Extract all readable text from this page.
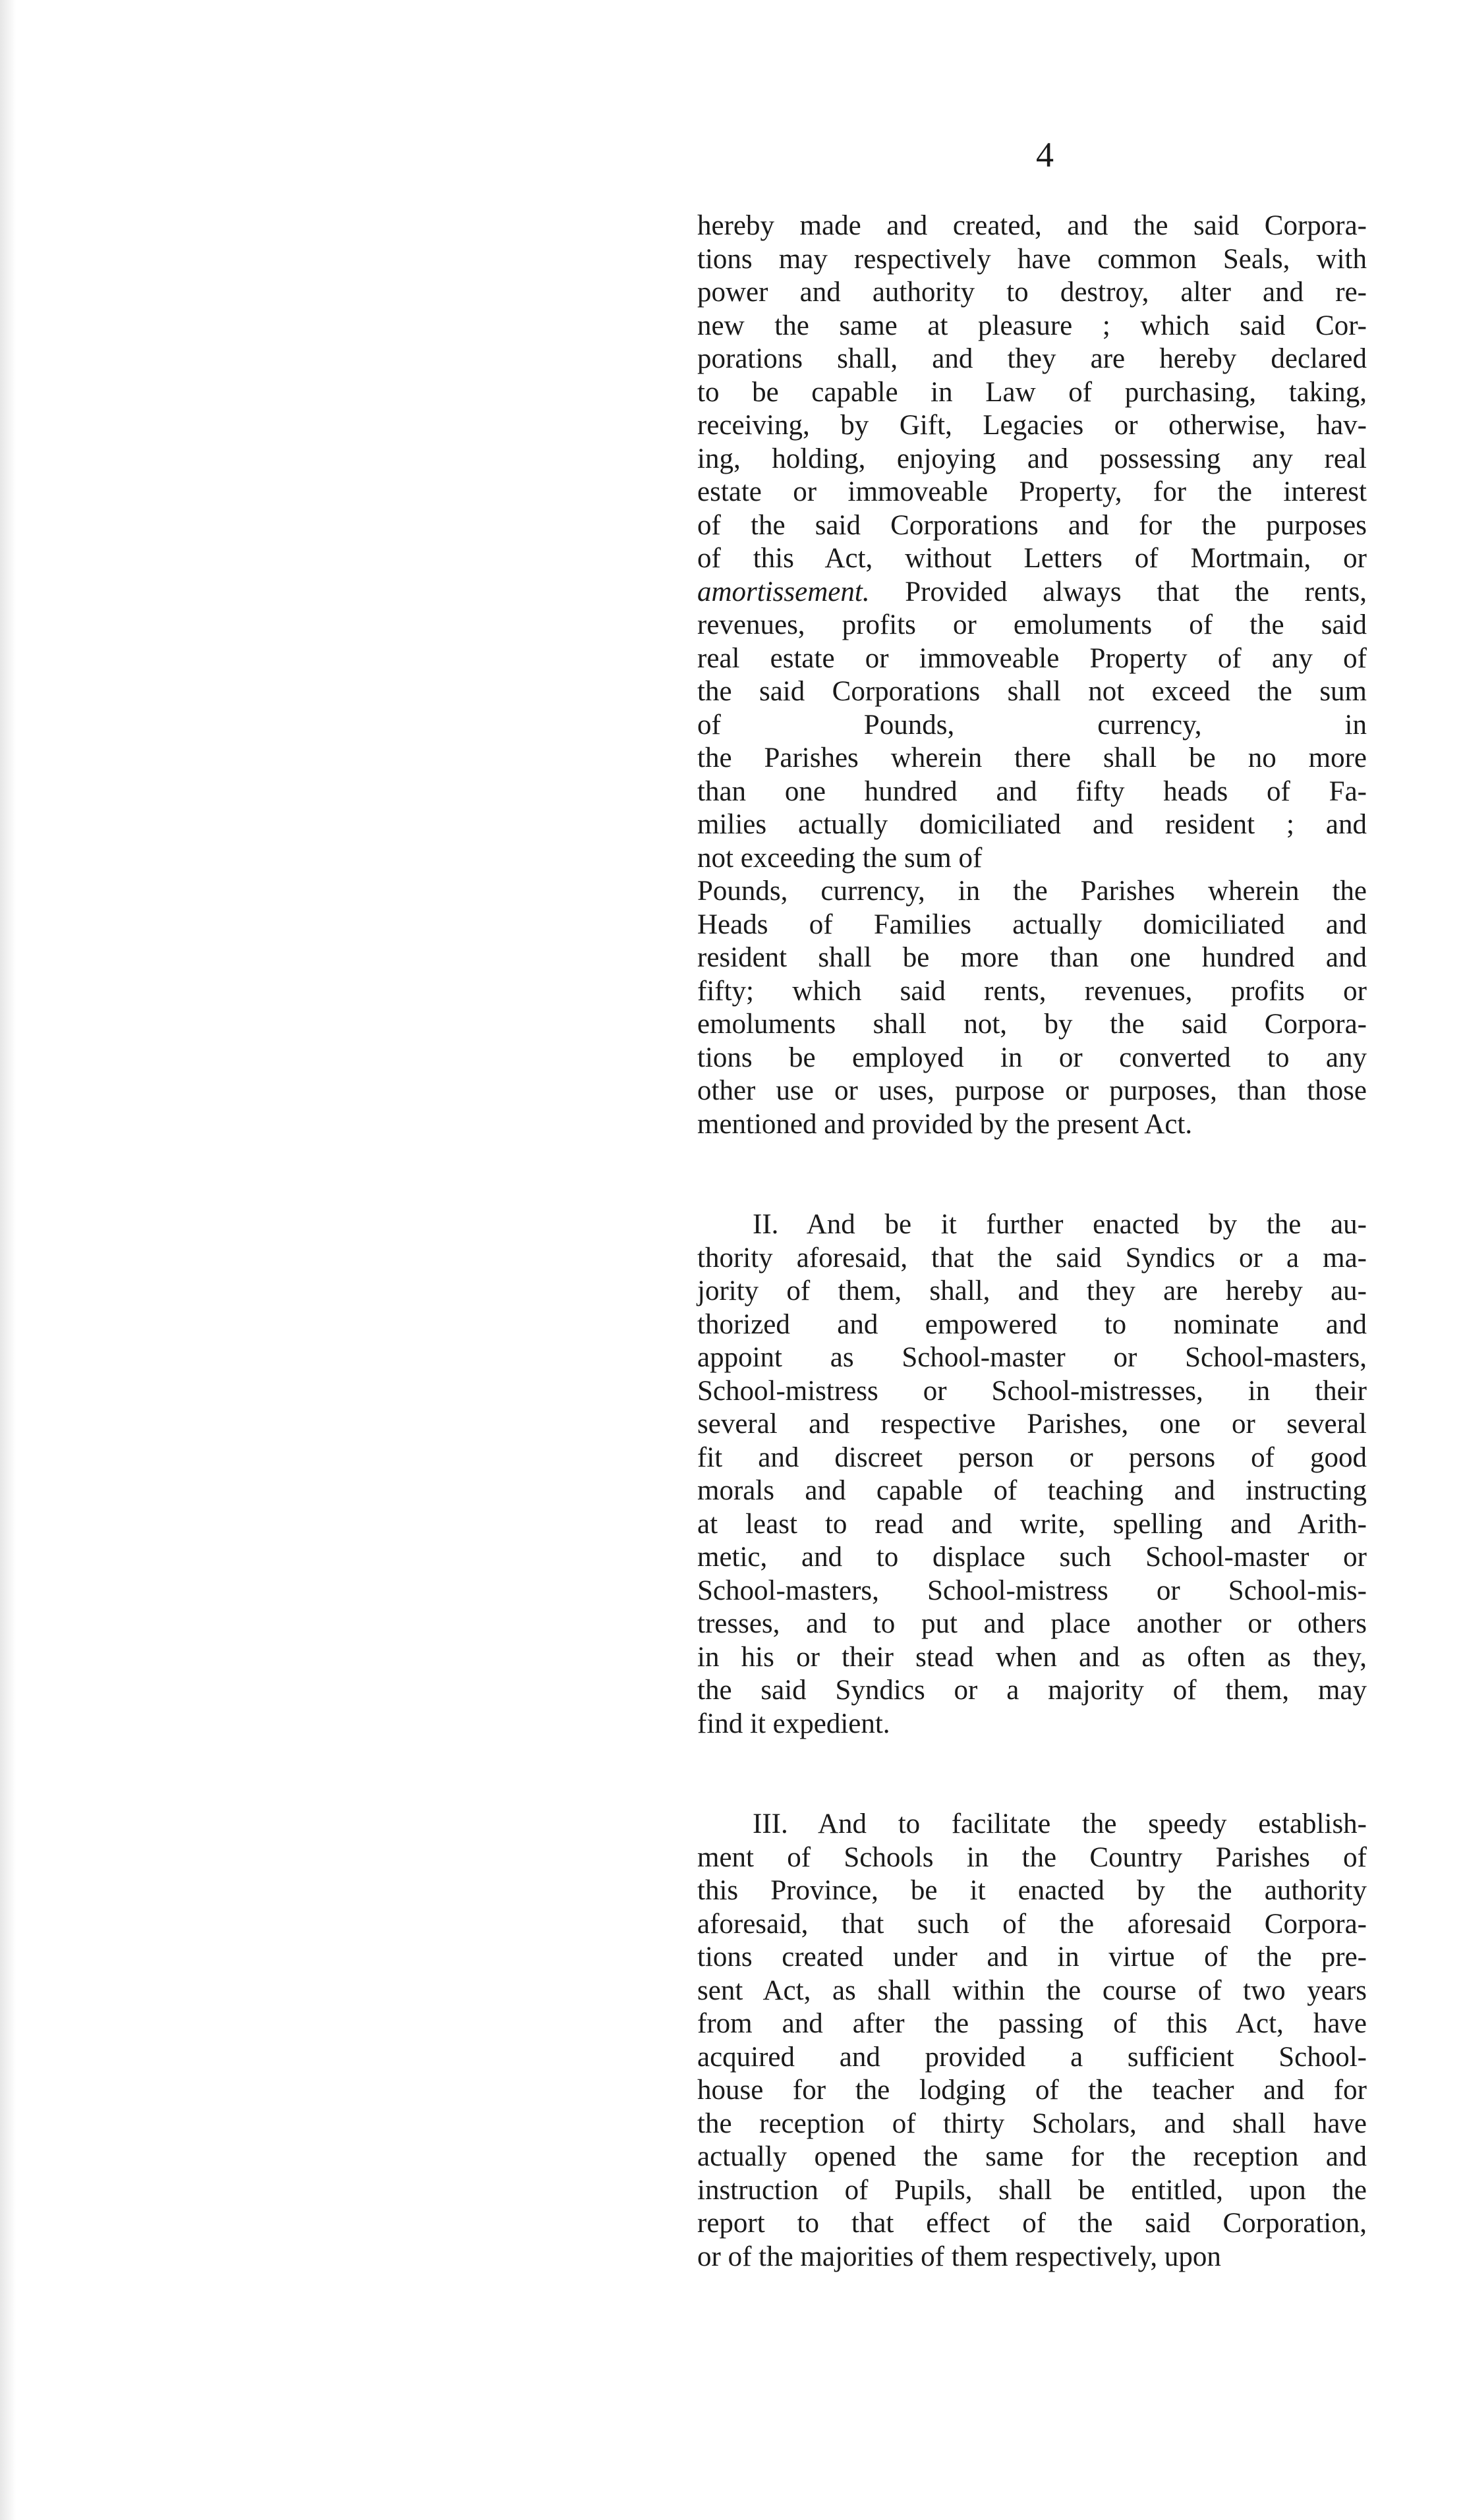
4
hereby made and created, and the said Corpora-
tions may respectively have common Seals, with
power and authority to destroy, alter and re-
new the same at pleasure ; which said Cor-
porations shall, and they are hereby declared
to be capable in Law of purchasing, taking,
receiving, by Gift, Legacies or otherwise, hav-
ing, holding, enjoying and possessing any real
estate or immoveable Property, for the interest
of the said Corporations and for the purposes
of this Act, without Letters of Mortmain, or
amortissement. Provided always that the rents,
revenues, profits or emoluments of the said
real estate or immoveable Property of any of
the said Corporations shall not exceed the sum
of Pounds, currency, in
the Parishes wherein there shall be no more
than one hundred and fifty heads of Fa-
milies actually domiciliated and resident ; and
not exceeding the sum of
Pounds, currency, in the Parishes wherein the
Heads of Families actually domiciliated and
resident shall be more than one hundred and
fifty; which said rents, revenues, profits or
emoluments shall not, by the said Corpora-
tions be employed in or converted to any
other use or uses, purpose or purposes, than those
mentioned and provided by the present Act.
II. And be it further enacted by the au-
thority aforesaid, that the said Syndics or a ma-
jority of them, shall, and they are hereby au-
thorized and empowered to nominate and
appoint as School-master or School-masters,
School-mistress or School-mistresses, in their
several and respective Parishes, one or several
fit and discreet person or persons of good
morals and capable of teaching and instructing
at least to read and write, spelling and Arith-
metic, and to displace such School-master or
School-masters, School-mistress or School-mis-
tresses, and to put and place another or others
in his or their stead when and as often as they,
the said Syndics or a majority of them, may
find it expedient.
III. And to facilitate the speedy establish-
ment of Schools in the Country Parishes of
this Province, be it enacted by the authority
aforesaid, that such of the aforesaid Corpora-
tions created under and in virtue of the pre-
sent Act, as shall within the course of two years
from and after the passing of this Act, have
acquired and provided a sufficient School-
house for the lodging of the teacher and for
the reception of thirty Scholars, and shall have
actually opened the same for the reception and
instruction of Pupils, shall be entitled, upon the
report to that effect of the said Corporation,
or of the majorities of them respectively, upon
